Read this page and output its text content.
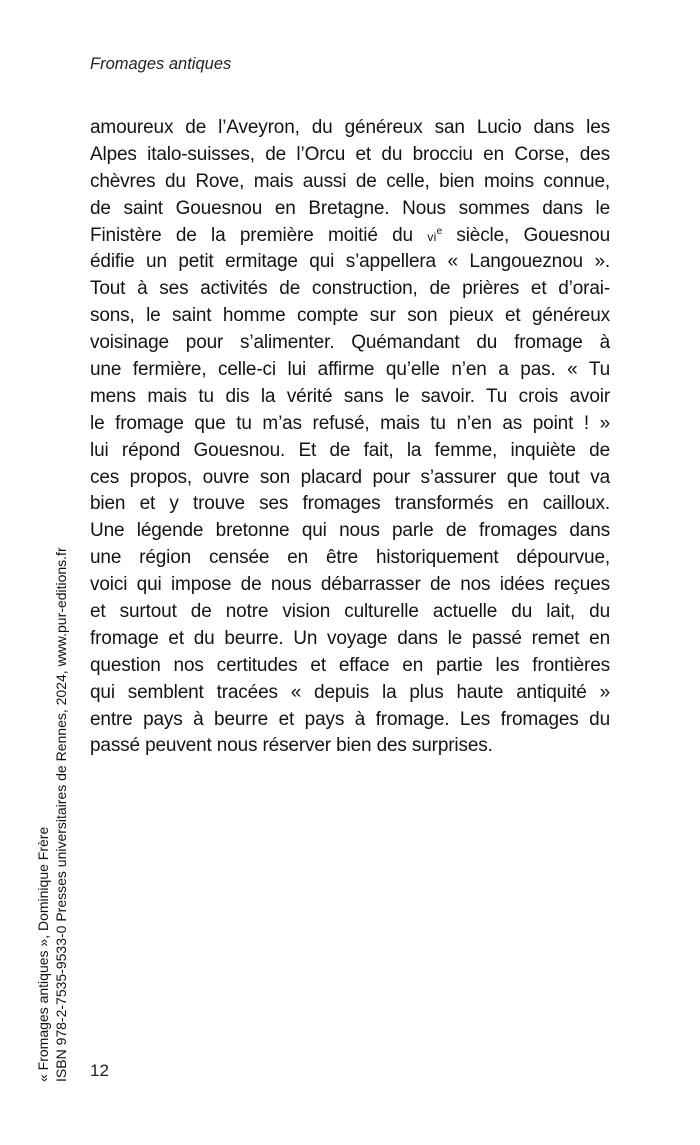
Fromages antiques
amoureux de l’Aveyron, du généreux san Lucio dans les
Alpes italo-suisses, de l’Orcu et du brocciu en Corse, des
chèvres du Rove, mais aussi de celle, bien moins connue,
de saint Gouesnou en Bretagne. Nous sommes dans le
Finistère de la première moitié du $vi^e$ siècle, Gouesnou
édifie un petit ermitage qui s’appellera « Langoueznou ».
Tout à ses activités de construction, de prières et d’orai-
sons, le saint homme compte sur son pieux et généreux
voisinage pour s’alimenter. Quémandant du fromage à
une fermière, celle-ci lui affirme qu’elle n’en a pas. « Tu
mens mais tu dis la vérité sans le savoir. Tu crois avoir
le fromage que tu m’as refusé, mais tu n’en as point ! »
lui répond Gouesnou. Et de fait, la femme, inquiète de
ces propos, ouvre son placard pour s’assurer que tout va
bien et y trouve ses fromages transformés en cailloux.
Une légende bretonne qui nous parle de fromages dans
une région censée en être historiquement dépourvue,
voici qui impose de nous débarrasser de nos idées reçues
et surtout de notre vision culturelle actuelle du lait, du
fromage et du beurre. Un voyage dans le passé remet en
question nos certitudes et efface en partie les frontières
qui semblent tracées « depuis la plus haute antiquité »
entre pays à beurre et pays à fromage. Les fromages du
passé peuvent nous réserver bien des surprises.
12
« Fromages antiques », Dominique Frère ISBN 978-2-7535-9533-0 Presses universitaires de Rennes, 2024, www.pur-editions.fr
